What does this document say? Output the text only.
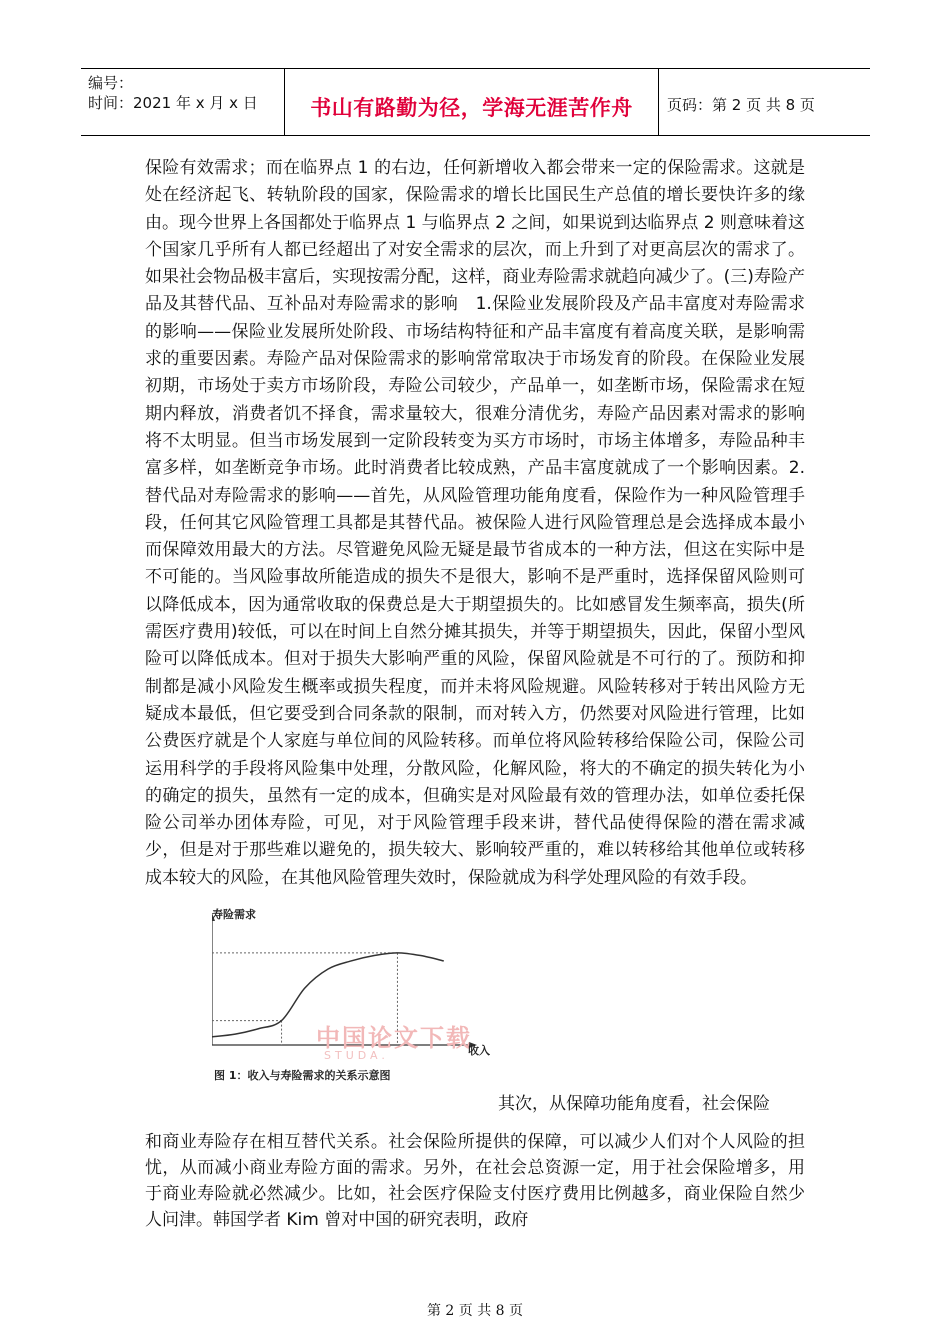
编号：
时间：2021 年 x 月 x 日	书山有路勤为径，学海无涯苦作舟	页码：第 2 页 共 8 页

保险有效需求；而在临界点 1 的右边，任何新增收入都会带来一定的保险需求。这就是处在经济起飞、转轨阶段的国家，保险需求的增长比国民生产总值的增长要快许多的缘由。现今世界上各国都处于临界点 1 与临界点 2 之间，如果说到达临界点 2 则意味着这个国家几乎所有人都已经超出了对安全需求的层次，而上升到了对更高层次的需求了。如果社会物品极丰富后，实现按需分配，这样，商业寿险需求就趋向减少了。(三)寿险产品及其替代品、互补品对寿险需求的影响　1.保险业发展阶段及产品丰富度对寿险需求的影响——保险业发展所处阶段、市场结构特征和产品丰富度有着高度关联，是影响需求的重要因素。寿险产品对保险需求的影响常常取决于市场发育的阶段。在保险业发展初期，市场处于卖方市场阶段，寿险公司较少，产品单一，如垄断市场，保险需求在短期内释放，消费者饥不择食，需求量较大，很难分清优劣，寿险产品因素对需求的影响将不太明显。但当市场发展到一定阶段转变为买方市场时，市场主体增多，寿险品种丰富多样，如垄断竞争市场。此时消费者比较成熟，产品丰富度就成了一个影响因素。2.替代品对寿险需求的影响——首先，从风险管理功能角度看，保险作为一种风险管理手段，任何其它风险管理工具都是其替代品。被保险人进行风险管理总是会选择成本最小而保障效用最大的方法。尽管避免风险无疑是最节省成本的一种方法，但这在实际中是不可能的。当风险事故所能造成的损失不是很大，影响不是严重时，选择保留风险则可以降低成本，因为通常收取的保费总是大于期望损失的。比如感冒发生频率高，损失(所需医疗费用)较低，可以在时间上自然分摊其损失，并等于期望损失，因此，保留小型风险可以降低成本。但对于损失大影响严重的风险，保留风险就是不可行的了。预防和抑制都是减小风险发生概率或损失程度，而并未将风险规避。风险转移对于转出风险方无疑成本最低，但它要受到合同条款的限制，而对转入方，仍然要对风险进行管理，比如公费医疗就是个人家庭与单位间的风险转移。而单位将风险转移给保险公司，保险公司运用科学的手段将风险集中处理，分散风险，化解风险，将大的不确定的损失转化为小的确定的损失，虽然有一定的成本，但确实是对风险最有效的管理办法，如单位委托保险公司举办团体寿险，可见，对于风险管理手段来讲，替代品使得保险的潜在需求减少，但是对于那些难以避免的，损失较大、影响较严重的，难以转移给其他单位或转移成本较大的风险，在其他风险管理失效时，保险就成为科学处理风险的有效手段。

中国论文下载
STUDA.
寿险需求
收入
图 1：收入与寿险需求的关系示意图
其次，从保障功能角度看，社会保险

和商业寿险存在相互替代关系。社会保险所提供的保障，可以减少人们对个人风险的担忧，从而减小商业寿险方面的需求。另外，在社会总资源一定，用于社会保险增多，用于商业寿险就必然减少。比如，社会医疗保险支付医疗费用比例越多，商业保险自然少人问津。韩国学者 Kim 曾对中国的研究表明，政府

第 2 页 共 8 页
